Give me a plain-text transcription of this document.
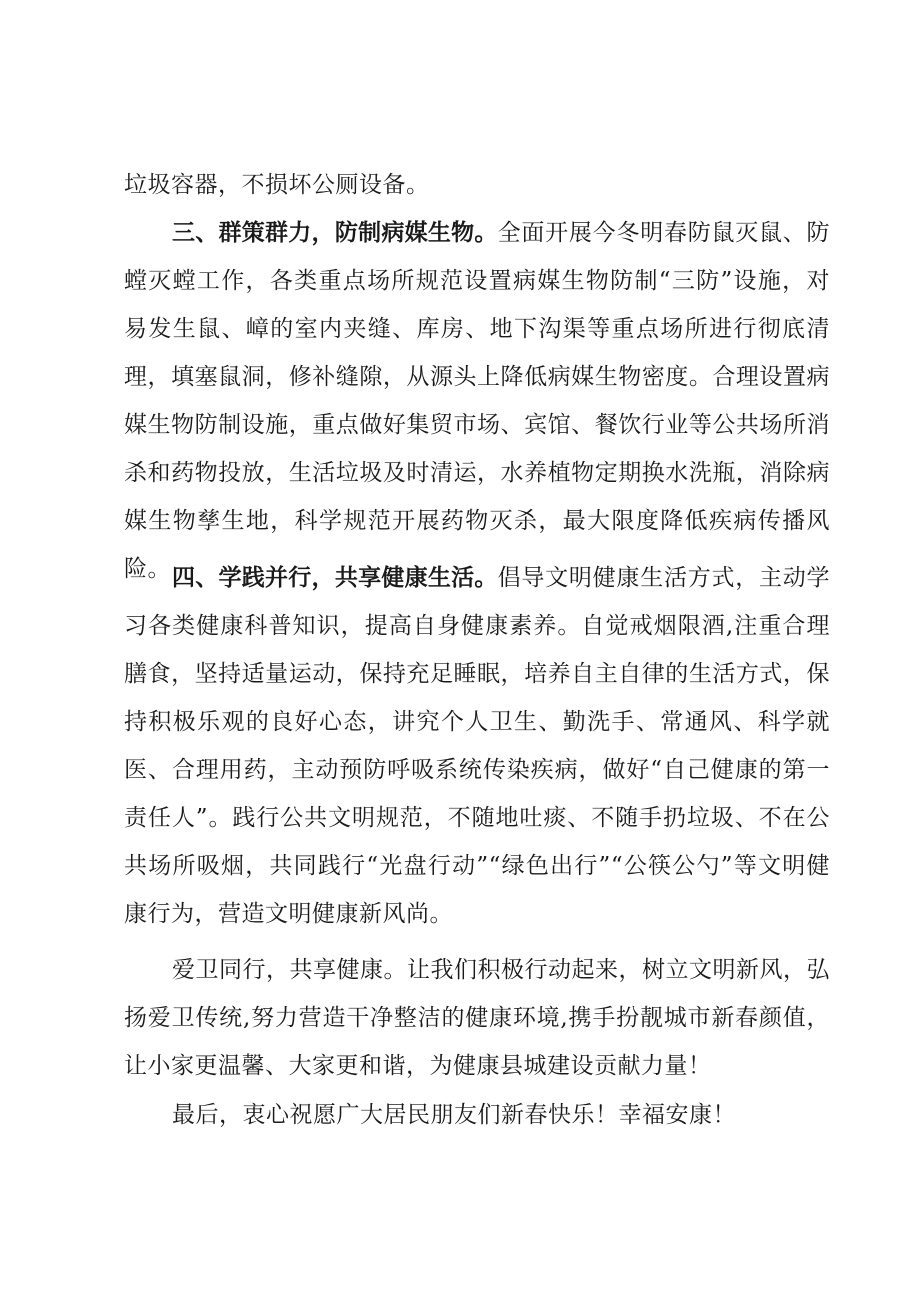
垃圾容器，不损坏公厕设备。

三、群策群力，防制病媒生物。全面开展今冬明春防鼠灭鼠、防螳灭螳工作，各类重点场所规范设置病媒生物防制“三防”设施，对易发生鼠、嶂的室内夹缝、库房、地下沟渠等重点场所进行彻底清理，填塞鼠洞，修补缝隙，从源头上降低病媒生物密度。合理设置病媒生物防制设施，重点做好集贸市场、宾馆、餐饮行业等公共场所消杀和药物投放，生活垃圾及时清运，水养植物定期换水洗瓶，消除病媒生物孳生地，科学规范开展药物灭杀，最大限度降低疾病传播风险。 四、学践并行，共享健康生活。倡导文明健康生活方式，主动学习各类健康科普知识，提高自身健康素养。自觉戒烟限酒,注重合理膳食，坚持适量运动，保持充足睡眠，培养自主自律的生活方式，保持积极乐观的良好心态，讲究个人卫生、勤洗手、常通风、科学就医、合理用药，主动预防呼吸系统传染疾病，做好“自己健康的第一责任人”。践行公共文明规范，不随地吐痰、不随手扔垃圾、不在公共场所吸烟，共同践行“光盘行动”“绿色出行”“公筷公勺”等文明健康行为，营造文明健康新风尚。

爱卫同行，共享健康。让我们积极行动起来，树立文明新风，弘扬爱卫传统,努力营造干净整洁的健康环境,携手扮靓城市新春颜值，让小家更温馨、大家更和谐，为健康县城建设贡献力量！

最后，衷心祝愿广大居民朋友们新春快乐！幸福安康！
